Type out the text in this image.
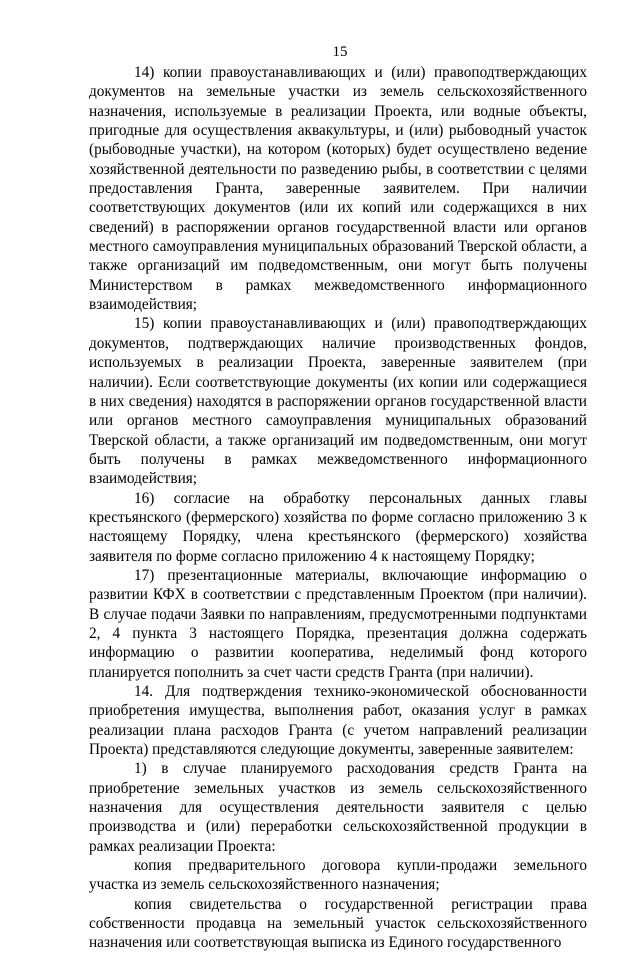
15

14) копии правоустанавливающих и (или) правоподтверждающих документов на земельные участки из земель сельскохозяйственного назначения, используемые в реализации Проекта, или водные объекты, пригодные для осуществления аквакультуры, и (или) рыбоводный участок (рыбоводные участки), на котором (которых) будет осуществлено ведение хозяйственной деятельности по разведению рыбы, в соответствии с целями предоставления Гранта, заверенные заявителем. При наличии соответствующих документов (или их копий или содержащихся в них сведений) в распоряжении органов государственной власти или органов местного самоуправления муниципальных образований Тверской области, а также организаций им подведомственным, они могут быть получены Министерством в рамках межведомственного информационного взаимодействия;

15) копии правоустанавливающих и (или) правоподтверждающих документов, подтверждающих наличие производственных фондов, используемых в реализации Проекта, заверенные заявителем (при наличии). Если соответствующие документы (их копии или содержащиеся в них сведения) находятся в распоряжении органов государственной власти или органов местного самоуправления муниципальных образований Тверской области, а также организаций им подведомственным, они могут быть получены в рамках межведомственного информационного взаимодействия;

16) согласие на обработку персональных данных главы крестьянского (фермерского) хозяйства по форме согласно приложению 3 к настоящему Порядку, члена крестьянского (фермерского) хозяйства заявителя по форме согласно приложению 4 к настоящему Порядку;

17) презентационные материалы, включающие информацию о развитии КФХ в соответствии с представленным Проектом (при наличии). В случае подачи Заявки по направлениям, предусмотренными подпунктами 2, 4 пункта 3 настоящего Порядка, презентация должна содержать информацию о развитии кооператива, неделимый фонд которого планируется пополнить за счет части средств Гранта (при наличии).

14. Для подтверждения технико-экономической обоснованности приобретения имущества, выполнения работ, оказания услуг в рамках реализации плана расходов Гранта (с учетом направлений реализации Проекта) представляются следующие документы, заверенные заявителем:

1) в случае планируемого расходования средств Гранта на приобретение земельных участков из земель сельскохозяйственного назначения для осуществления деятельности заявителя с целью производства и (или) переработки сельскохозяйственной продукции в рамках реализации Проекта:

копия предварительного договора купли-продажи земельного участка из земель сельскохозяйственного назначения;

копия свидетельства о государственной регистрации права собственности продавца на земельный участок сельскохозяйственного назначения или соответствующая выписка из Единого государственного
